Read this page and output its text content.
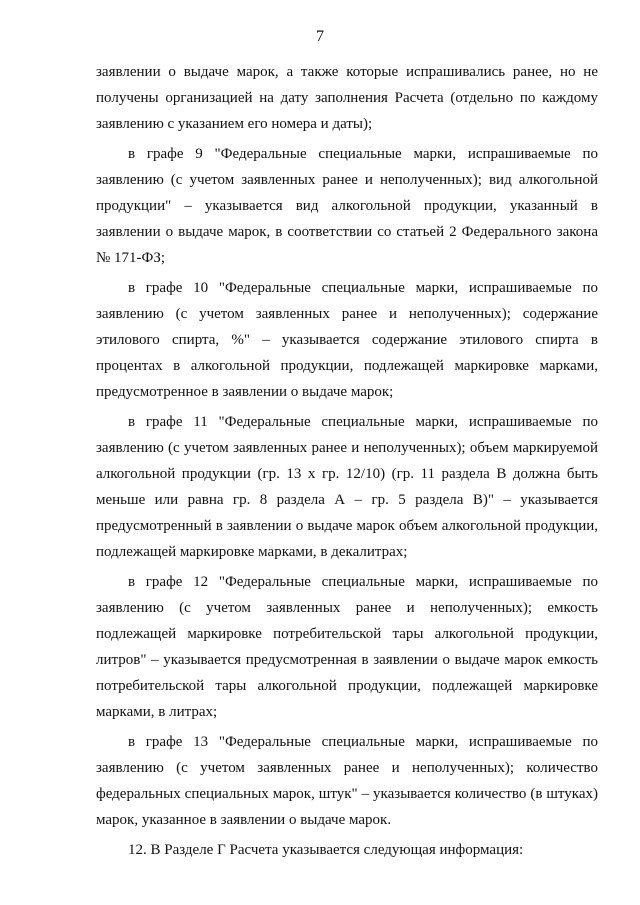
7

заявлении о выдаче марок, а также которые испрашивались ранее, но не получены организацией на дату заполнения Расчета (отдельно по каждому заявлению с указанием его номера и даты);

в графе 9 "Федеральные специальные марки, испрашиваемые по заявлению (с учетом заявленных ранее и неполученных); вид алкогольной продукции" – указывается вид алкогольной продукции, указанный в заявлении о выдаче марок, в соответствии со статьей 2 Федерального закона № 171-ФЗ;

в графе 10 "Федеральные специальные марки, испрашиваемые по заявлению (с учетом заявленных ранее и неполученных); содержание этилового спирта, %" – указывается содержание этилового спирта в процентах в алкогольной продукции, подлежащей маркировке марками, предусмотренное в заявлении о выдаче марок;

в графе 11 "Федеральные специальные марки, испрашиваемые по заявлению (с учетом заявленных ранее и неполученных); объем маркируемой алкогольной продукции (гр. 13 x гр. 12/10) (гр. 11 раздела В должна быть меньше или равна гр. 8 раздела А – гр. 5 раздела В)" – указывается предусмотренный в заявлении о выдаче марок объем алкогольной продукции, подлежащей маркировке марками, в декалитрах;

в графе 12 "Федеральные специальные марки, испрашиваемые по заявлению (с учетом заявленных ранее и неполученных); емкость подлежащей маркировке потребительской тары алкогольной продукции, литров" – указывается предусмотренная в заявлении о выдаче марок емкость потребительской тары алкогольной продукции, подлежащей маркировке марками, в литрах;

в графе 13 "Федеральные специальные марки, испрашиваемые по заявлению (с учетом заявленных ранее и неполученных); количество федеральных специальных марок, штук" – указывается количество (в штуках) марок, указанное в заявлении о выдаче марок.

12. В Разделе Г Расчета указывается следующая информация:
